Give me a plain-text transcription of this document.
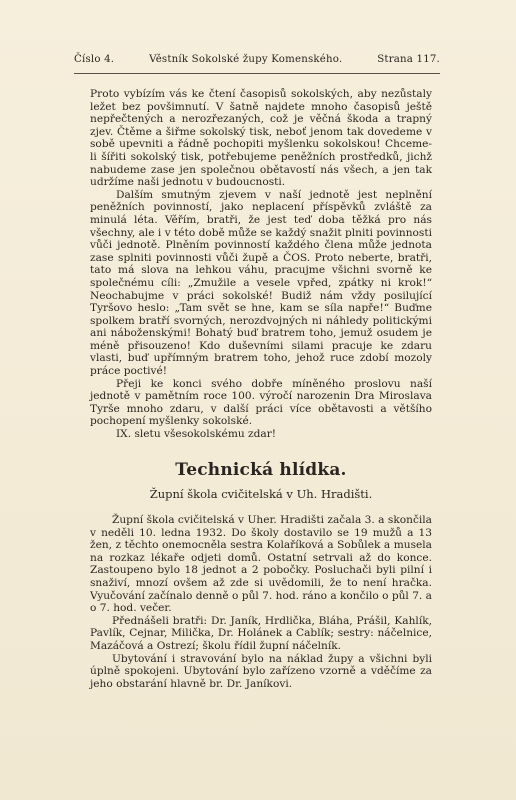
Číslo 4.	Věstník Sokolské župy Komenského.	Strana 117.

Proto vybízím vás ke čtení časopisů sokolských, aby nezůstaly ležet bez povšimnutí. V šatně najdete mnoho časopisů ještě nepřečtených a nerozřezaných, což je věčná škoda a trapný zjev. Čtěme a šiřme sokolský tisk, neboť jenom tak dovedeme v sobě upevniti a řádně pochopiti myšlenku sokolskou! Chceme-li šířiti sokolský tisk, potřebujeme peněžních prostředků, jichž nabudeme zase jen společnou obětavostí nás všech, a jen tak udržíme naši jednotu v budoucnosti.

Dalším smutným zjevem v naší jednotě jest neplnění peněžních povinností, jako neplacení příspěvků zvláště za minulá léta. Věřím, bratři, že jest teď doba těžká pro nás všechny, ale i v této době může se každý snažit plniti povinnosti vůči jednotě. Plněním povinností každého člena může jednota zase splniti povinnosti vůči župě a ČOS. Proto neberte, bratři, tato má slova na lehkou váhu, pracujme všichni svorně ke společnému cíli: „Zmužile a vesele vpřed, zpátky ni krok!“ Neochabujme v práci sokolské! Budiž nám vždy posilující Tyršovo heslo: „Tam svět se hne, kam se síla napře!“ Buďme spolkem bratří svorných, nerozdvojných ni náhledy politickými ani náboženskými! Bohatý buď bratrem toho, jemuž osudem je méně přisouzeno! Kdo duševními silami pracuje ke zdaru vlasti, buď upřímným bratrem toho, jehož ruce zdobí mozoly práce poctivé!

Přeji ke konci svého dobře míněného proslovu naší jednotě v pamětním roce 100. výročí narozenin Dra Miroslava Tyrše mnoho zdaru, v další práci více obětavosti a většího pochopení myšlenky sokolské.

IX. sletu všesokolskému zdar!

Technická hlídka.
Župní škola cvičitelská v Uh. Hradišti.

Župní škola cvičitelská v Uher. Hradišti začala 3. a skončila v neděli 10. ledna 1932. Do školy dostavilo se 19 mužů a 13 žen, z těchto onemocněla sestra Kolaříková a Sobůlek a musela na rozkaz lékaře odjeti domů. Ostatní setrvali až do konce. Zastoupeno bylo 18 jednot a 2 pobočky. Posluchači byli pilní i snaživí, mnozí ovšem až zde si uvědomili, že to není hračka. Vyučování začínalo denně o půl 7. hod. ráno a končilo o půl 7. a o 7. hod. večer.

Přednášeli bratři: Dr. Janík, Hrdlička, Bláha, Prášil, Kahlík, Pavlík, Cejnar, Milička, Dr. Holánek a Cablík; sestry: náčelnice, Mazáčová a Ostrezí; školu řídil župní náčelník.

Ubytování i stravování bylo na náklad župy a všichni byli úplně spokojeni. Ubytování bylo zařízeno vzorně a vděčíme za jeho obstarání hlavně br. Dr. Janíkovi.
